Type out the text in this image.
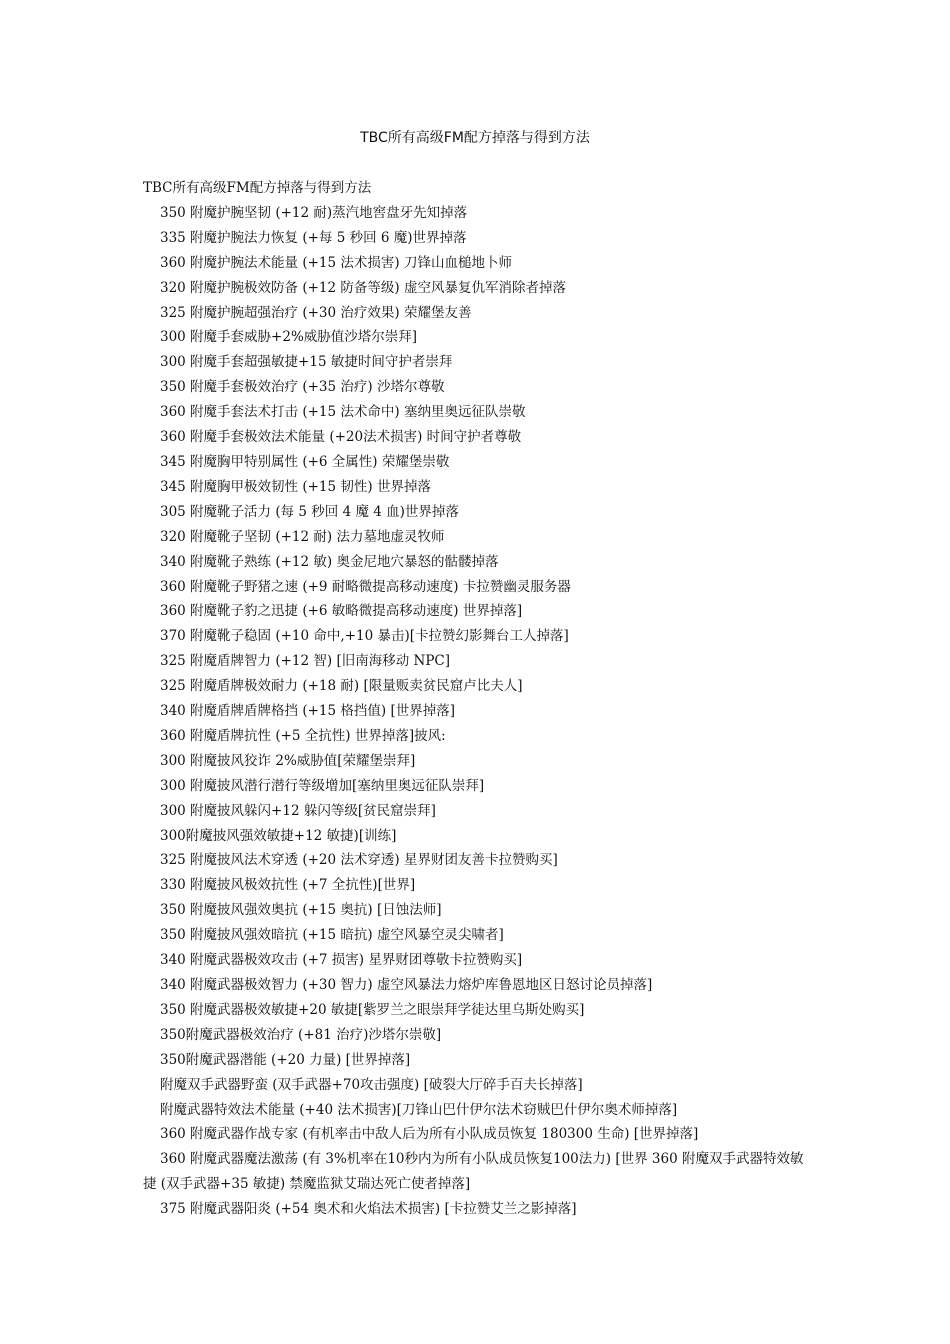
TBC所有高级FM配方掉落与得到方法
TBC所有高级FM配方掉落与得到方法
350 附魔护腕坚韧 (+12 耐)蒸汽地窖盘牙先知掉落
335 附魔护腕法力恢复 (+每 5 秒回 6 魔)世界掉落
360 附魔护腕法术能量 (+15 法术损害) 刀锋山血槌地卜师
320 附魔护腕极效防备 (+12 防备等级) 虚空风暴复仇军消除者掉落
325 附魔护腕超强治疗 (+30 治疗效果) 荣耀堡友善
300 附魔手套威胁+2%威胁值沙塔尔崇拜]
300 附魔手套超强敏捷+15 敏捷时间守护者崇拜
350 附魔手套极效治疗 (+35 治疗) 沙塔尔尊敬
360 附魔手套法术打击 (+15 法术命中) 塞纳里奥远征队崇敬
360 附魔手套极效法术能量 (+20法术损害) 时间守护者尊敬
345 附魔胸甲特别属性 (+6 全属性) 荣耀堡崇敬
345 附魔胸甲极效韧性 (+15 韧性) 世界掉落
305 附魔靴子活力 (每 5 秒回 4 魔 4 血)世界掉落
320 附魔靴子坚韧 (+12 耐) 法力墓地虚灵牧师
340 附魔靴子熟练 (+12 敏) 奥金尼地穴暴怒的骷髅掉落
360 附魔靴子野猪之速 (+9 耐略微提高移动速度) 卡拉赞幽灵服务器
360 附魔靴子豹之迅捷 (+6 敏略微提高移动速度) 世界掉落]
370 附魔靴子稳固 (+10 命中,+10 暴击)[卡拉赞幻影舞台工人掉落]
325 附魔盾牌智力 (+12 智) [旧南海移动 NPC]
325 附魔盾牌极效耐力 (+18 耐) [限量贩卖贫民窟卢比夫人]
340 附魔盾牌盾牌格挡 (+15 格挡值) [世界掉落]
360 附魔盾牌抗性 (+5 全抗性) 世界掉落]披风:
300 附魔披风狡诈 2%威胁值[荣耀堡崇拜]
300 附魔披风潜行潜行等级增加[塞纳里奥远征队崇拜]
300 附魔披风躲闪+12 躲闪等级[贫民窟崇拜]
300附魔披风强效敏捷+12 敏捷)[训练]
325 附魔披风法术穿透 (+20 法术穿透) 星界财团友善卡拉赞购买]
330 附魔披风极效抗性 (+7 全抗性)[世界]
350 附魔披风强效奥抗 (+15 奥抗) [日蚀法师]
350 附魔披风强效暗抗 (+15 暗抗) 虚空风暴空灵尖啸者]
340 附魔武器极效攻击 (+7 损害) 星界财团尊敬卡拉赞购买]
340 附魔武器极效智力 (+30 智力) 虚空风暴法力熔炉库鲁恩地区日怒讨论员掉落]
350 附魔武器极效敏捷+20 敏捷[紫罗兰之眼崇拜学徒达里乌斯处购买]
350附魔武器极效治疗 (+81 治疗)沙塔尔崇敬]
350附魔武器潜能 (+20 力量) [世界掉落]
附魔双手武器野蛮 (双手武器+70攻击强度) [破裂大厅碎手百夫长掉落]
附魔武器特效法术能量 (+40 法术损害)[刀锋山巴什伊尔法术窃贼巴什伊尔奥术师掉落]
360 附魔武器作战专家 (有机率击中敌人后为所有小队成员恢复 180300 生命) [世界掉落]
360 附魔武器魔法激荡 (有 3%机率在10秒内为所有小队成员恢复100法力) [世界 360 附魔双手武器特效敏捷 (双手武器+35 敏捷) 禁魔监狱艾瑞达死亡使者掉落]
375 附魔武器阳炎 (+54 奥术和火焰法术损害) [卡拉赞艾兰之影掉落]
